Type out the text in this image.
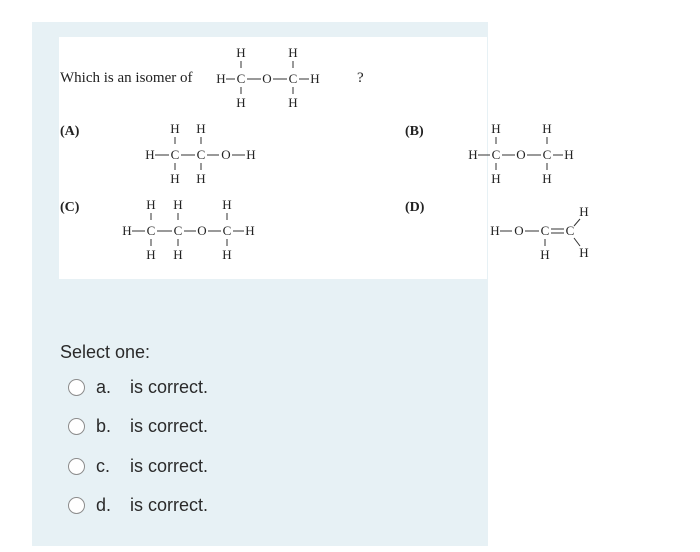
Which is an isomer of
H	H
H C O C H
H	H
?
(A)	H H
H C C O H
H H
(B)	H	H
H C O C H
H	H
(C)	H H	H
H C C O C H
H H	H
(D)	H
H O C C
H H
Select one:
a.	is correct.
b.	is correct.
c.	is correct.
d.	is correct.
